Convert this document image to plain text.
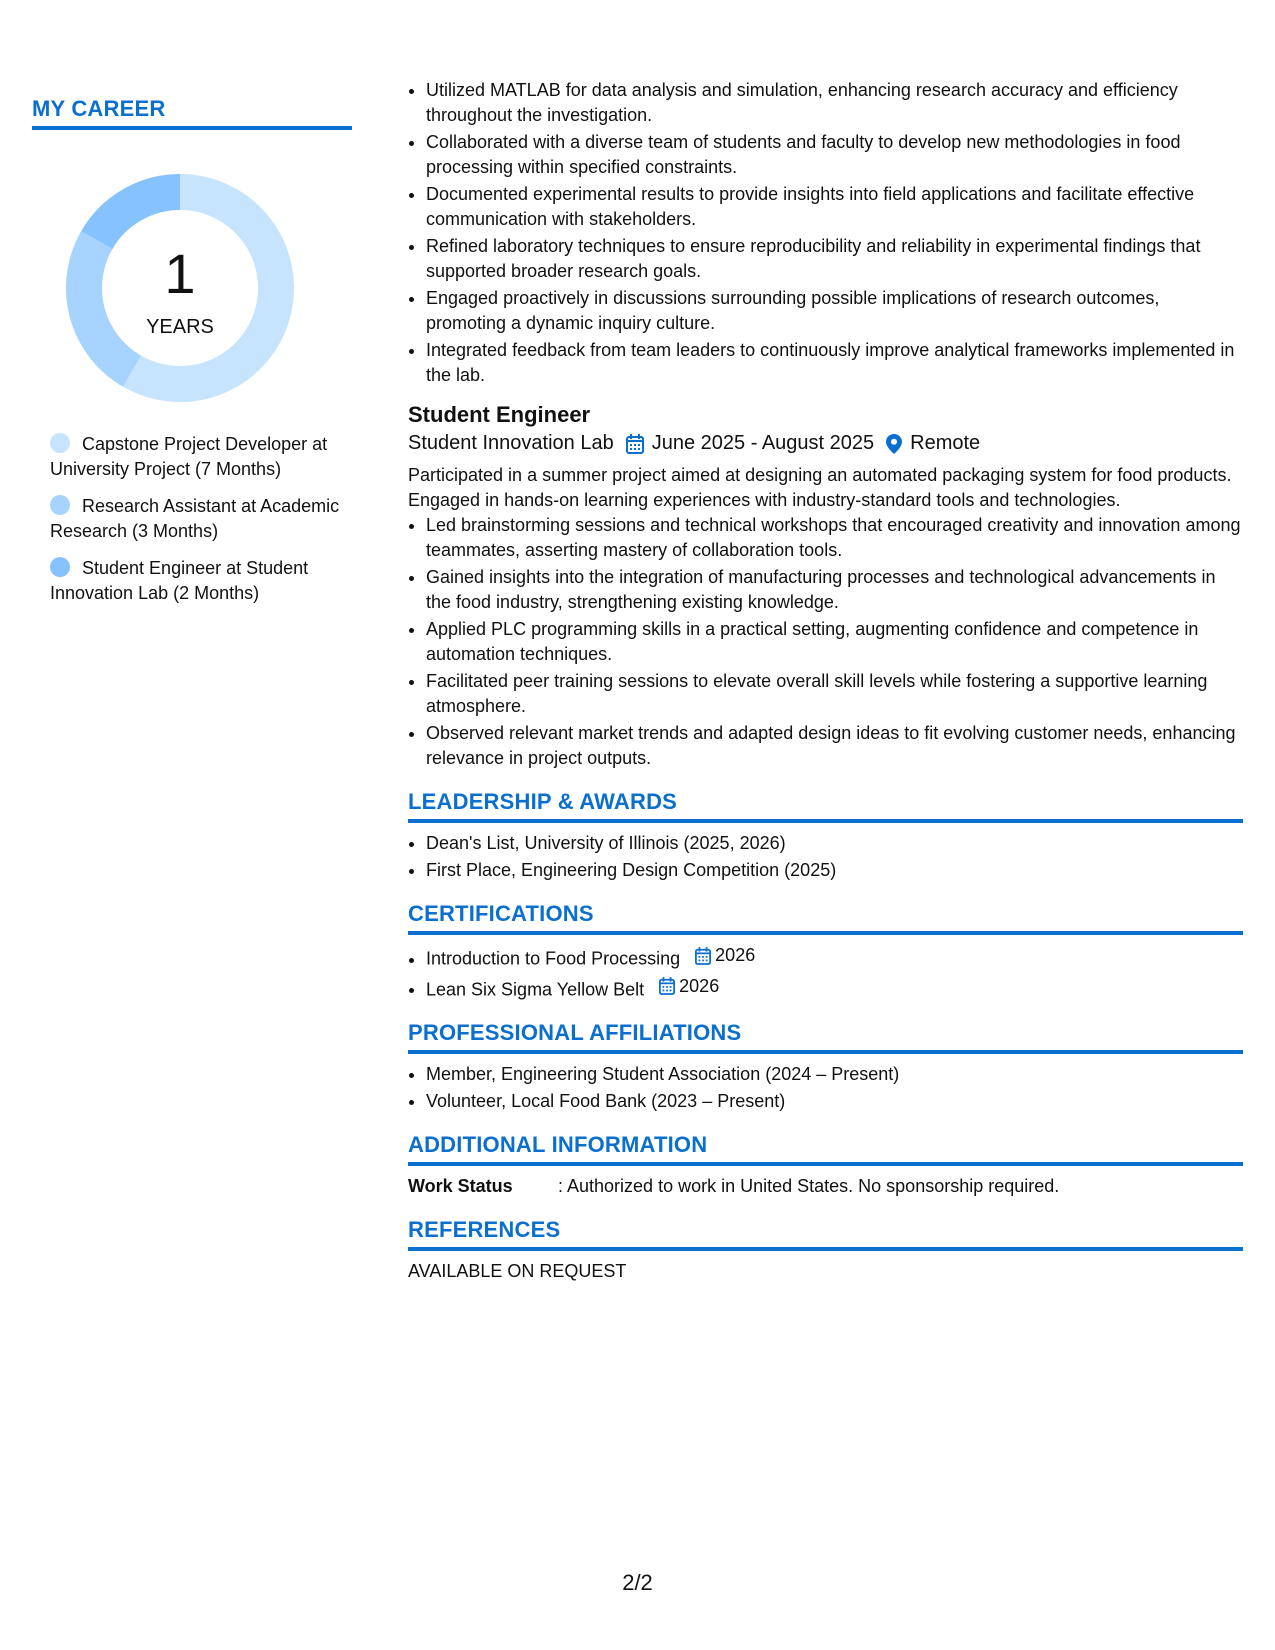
MY CAREER
1
YEARS
Capstone Project Developer at University Project (7 Months)
Research Assistant at Academic Research (3 Months)
Student Engineer at Student Innovation Lab (2 Months)
• Utilized MATLAB for data analysis and simulation, enhancing research accuracy and efficiency throughout the investigation.
• Collaborated with a diverse team of students and faculty to develop new methodologies in food processing within specified constraints.
• Documented experimental results to provide insights into field applications and facilitate effective communication with stakeholders.
• Refined laboratory techniques to ensure reproducibility and reliability in experimental findings that supported broader research goals.
• Engaged proactively in discussions surrounding possible implications of research outcomes, promoting a dynamic inquiry culture.
• Integrated feedback from team leaders to continuously improve analytical frameworks implemented in the lab.
Student Engineer
Student Innovation Lab June 2025 - August 2025 Remote

Participated in a summer project aimed at designing an automated packaging system for food products. Engaged in hands-on learning experiences with industry-standard tools and technologies.

• Led brainstorming sessions and technical workshops that encouraged creativity and innovation among teammates, asserting mastery of collaboration tools.
• Gained insights into the integration of manufacturing processes and technological advancements in the food industry, strengthening existing knowledge.
• Applied PLC programming skills in a practical setting, augmenting confidence and competence in automation techniques.
• Facilitated peer training sessions to elevate overall skill levels while fostering a supportive learning atmosphere.
• Observed relevant market trends and adapted design ideas to fit evolving customer needs, enhancing relevance in project outputs.
LEADERSHIP & AWARDS
• Dean's List, University of Illinois (2025, 2026)
• First Place, Engineering Design Competition (2025)
CERTIFICATIONS
• Introduction to Food Processing 2026
• Lean Six Sigma Yellow Belt 2026
PROFESSIONAL AFFILIATIONS
• Member, Engineering Student Association (2024 – Present)
• Volunteer, Local Food Bank (2023 – Present)
ADDITIONAL INFORMATION
Work Status	: Authorized to work in United States. No sponsorship required.
REFERENCES

AVAILABLE ON REQUEST

2/2
